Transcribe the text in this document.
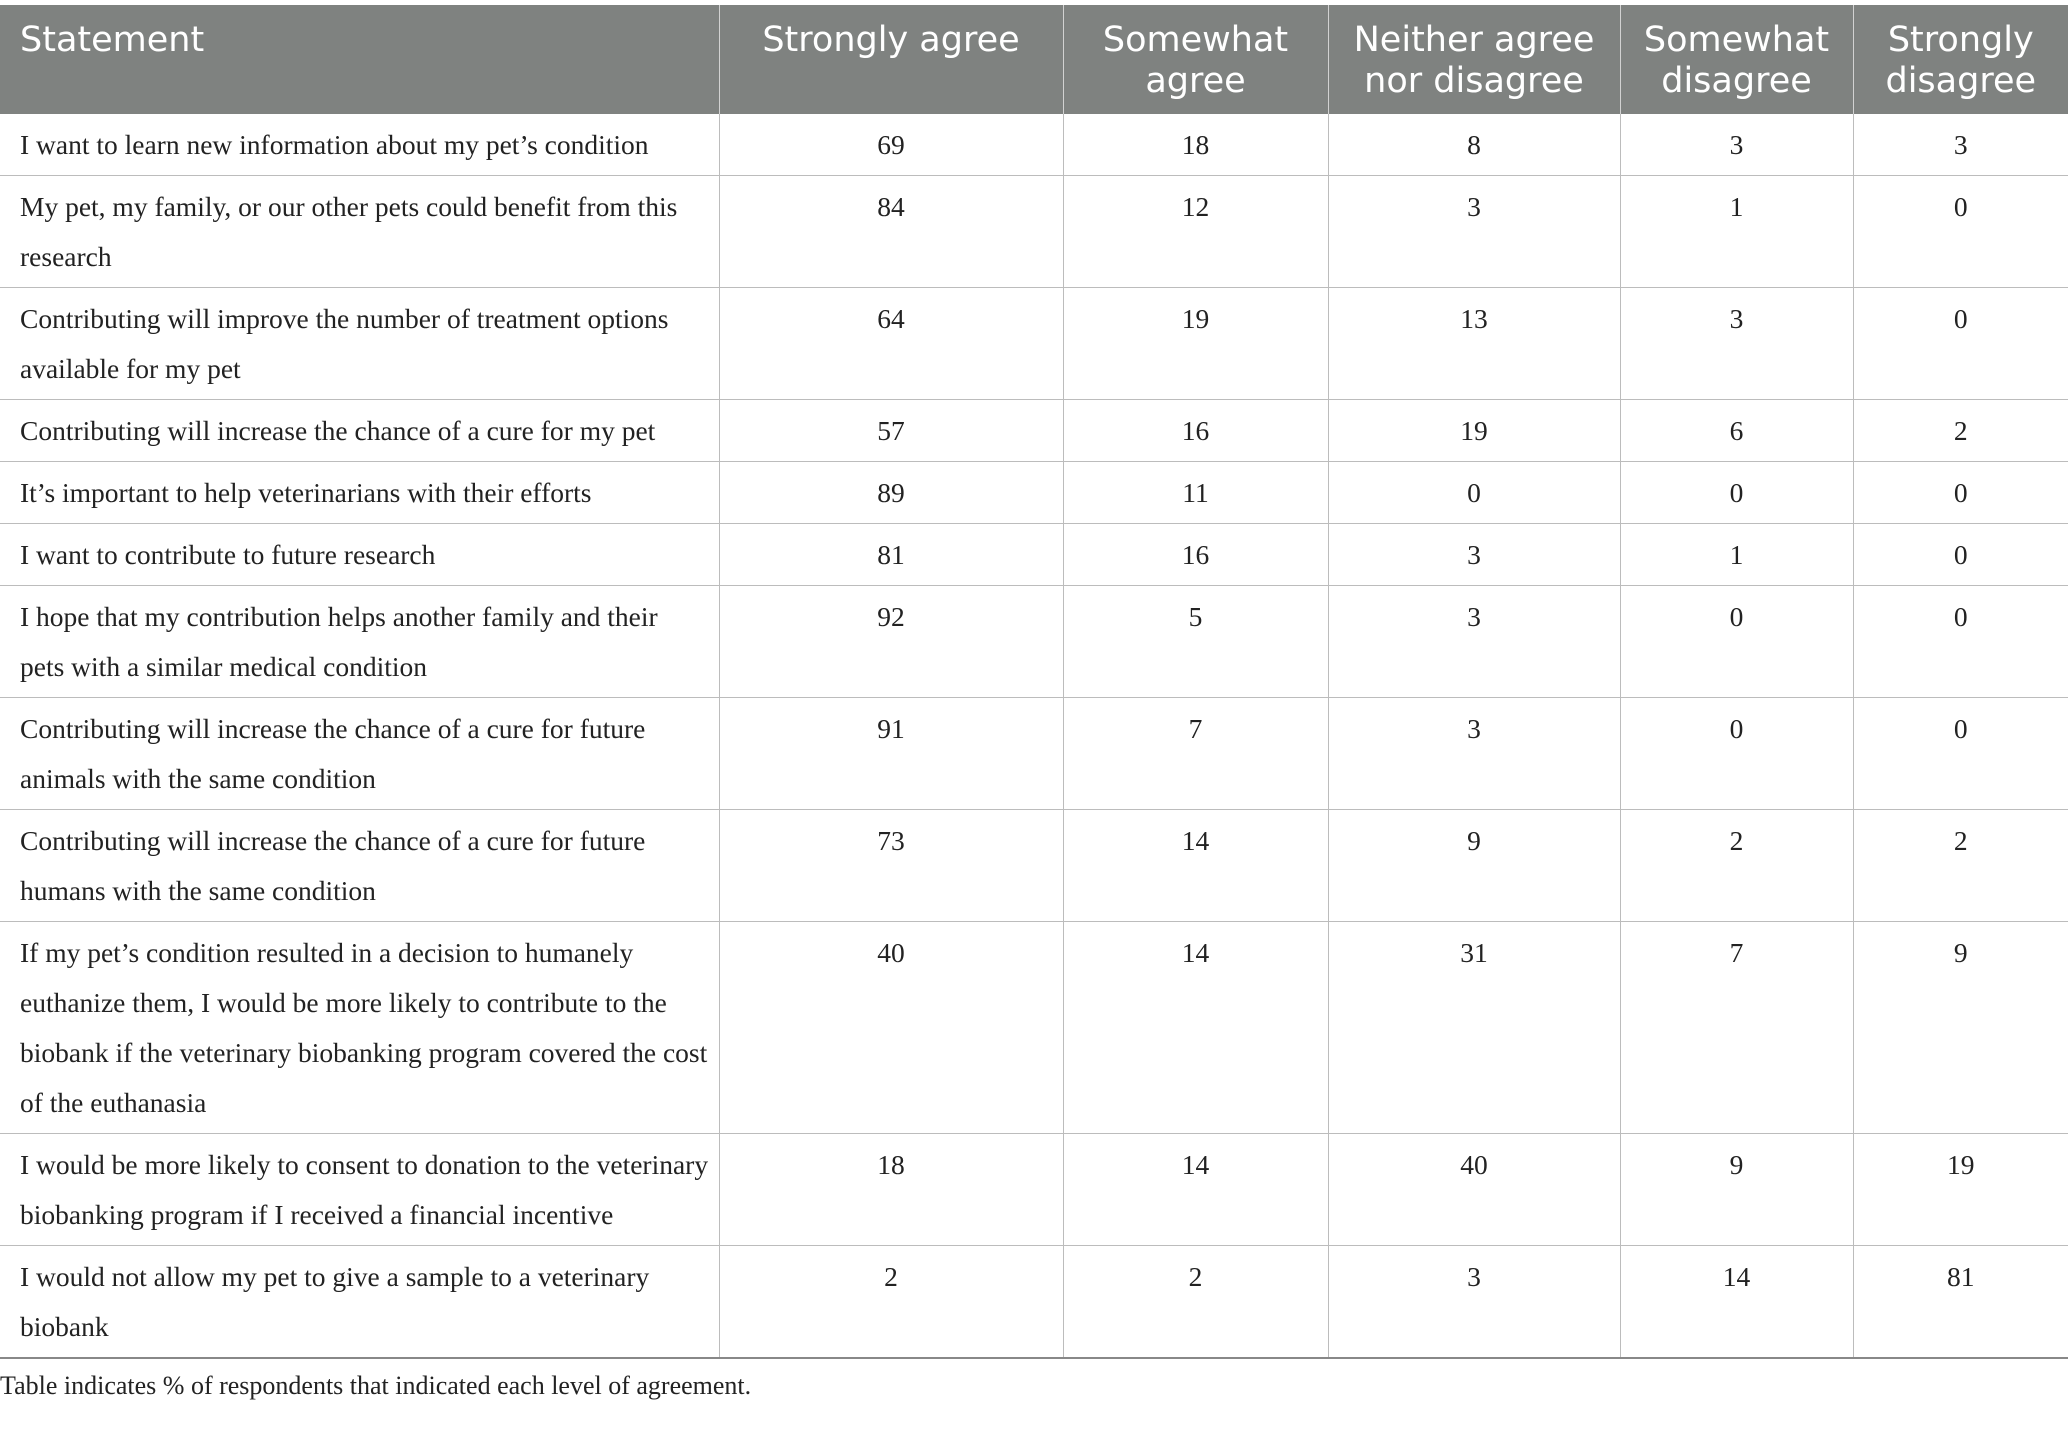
Statement	Strongly agree	Somewhat agree	Neither agree nor disagree	Somewhat disagree	Strongly disagree
I want to learn new information about my pet’s condition	69	18	8	3	3
My pet, my family, or our other pets could benefit from this research	84	12	3	1	0
Contributing will improve the number of treatment options available for my pet	64	19	13	3	0
Contributing will increase the chance of a cure for my pet	57	16	19	6	2
It’s important to help veterinarians with their efforts	89	11	0	0	0
I want to contribute to future research	81	16	3	1	0
I hope that my contribution helps another family and their pets with a similar medical condition	92	5	3	0	0
Contributing will increase the chance of a cure for future animals with the same condition	91	7	3	0	0
Contributing will increase the chance of a cure for future humans with the same condition	73	14	9	2	2
If my pet’s condition resulted in a decision to humanely euthanize them, I would be more likely to contribute to the biobank if the veterinary biobanking program covered the cost of the euthanasia	40	14	31	7	9
I would be more likely to consent to donation to the veterinary biobanking program if I received a financial incentive	18	14	40	9	19
I would not allow my pet to give a sample to a veterinary biobank	2	2	3	14	81
Table indicates % of respondents that indicated each level of agreement.
